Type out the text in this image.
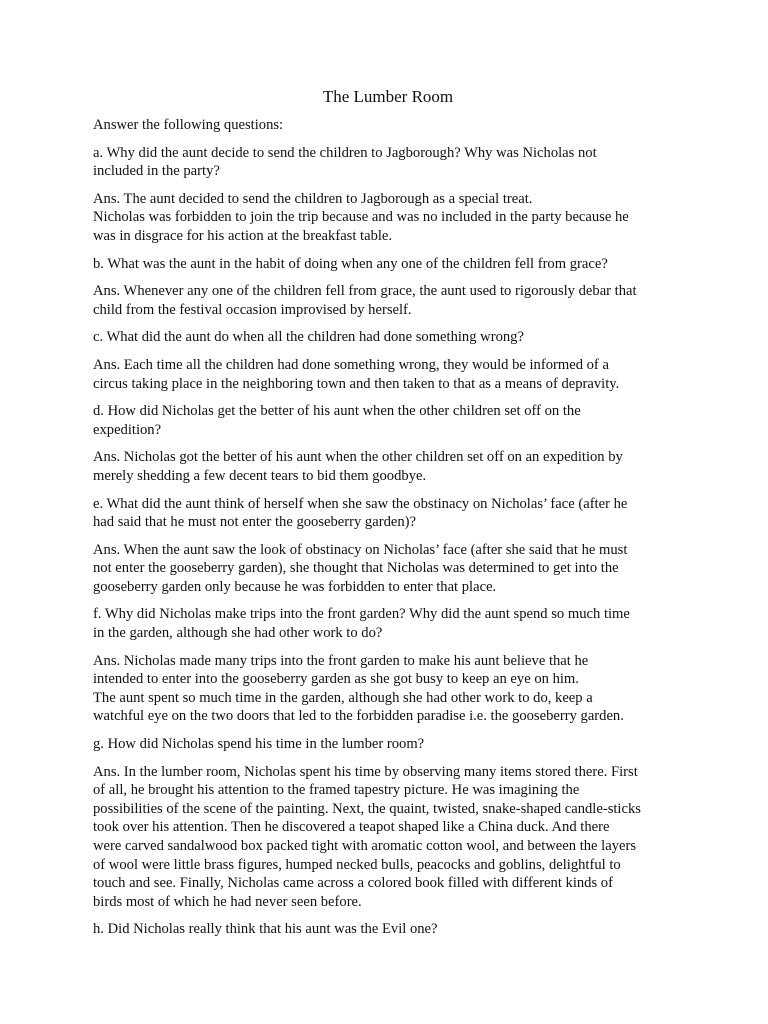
The Lumber Room
Answer the following questions:
a. Why did the aunt decide to send the children to Jagborough? Why was Nicholas not
included in the party?
Ans. The aunt decided to send the children to Jagborough as a special treat.
Nicholas was forbidden to join the trip because and was no included in the party because he
was in disgrace for his action at the breakfast table.
b. What was the aunt in the habit of doing when any one of the children fell from grace?
Ans. Whenever any one of the children fell from grace, the aunt used to rigorously debar that
child from the festival occasion improvised by herself.
c. What did the aunt do when all the children had done something wrong?
Ans. Each time all the children had done something wrong, they would be informed of a
circus taking place in the neighboring town and then taken to that as a means of depravity.
d. How did Nicholas get the better of his aunt when the other children set off on the
expedition?
Ans. Nicholas got the better of his aunt when the other children set off on an expedition by
merely shedding a few decent tears to bid them goodbye.
e. What did the aunt think of herself when she saw the obstinacy on Nicholas’ face (after he
had said that he must not enter the gooseberry garden)?
Ans. When the aunt saw the look of obstinacy on Nicholas’ face (after she said that he must
not enter the gooseberry garden), she thought that Nicholas was determined to get into the
gooseberry garden only because he was forbidden to enter that place.
f. Why did Nicholas make trips into the front garden? Why did the aunt spend so much time
in the garden, although she had other work to do?
Ans. Nicholas made many trips into the front garden to make his aunt believe that he
intended to enter into the gooseberry garden as she got busy to keep an eye on him.
The aunt spent so much time in the garden, although she had other work to do, keep a
watchful eye on the two doors that led to the forbidden paradise i.e. the gooseberry garden.
g. How did Nicholas spend his time in the lumber room?
Ans. In the lumber room, Nicholas spent his time by observing many items stored there. First
of all, he brought his attention to the framed tapestry picture. He was imagining the
possibilities of the scene of the painting. Next, the quaint, twisted, snake-shaped candle-sticks
took over his attention. Then he discovered a teapot shaped like a China duck. And there
were carved sandalwood box packed tight with aromatic cotton wool, and between the layers
of wool were little brass figures, humped necked bulls, peacocks and goblins, delightful to
touch and see. Finally, Nicholas came across a colored book filled with different kinds of
birds most of which he had never seen before.
h. Did Nicholas really think that his aunt was the Evil one?
